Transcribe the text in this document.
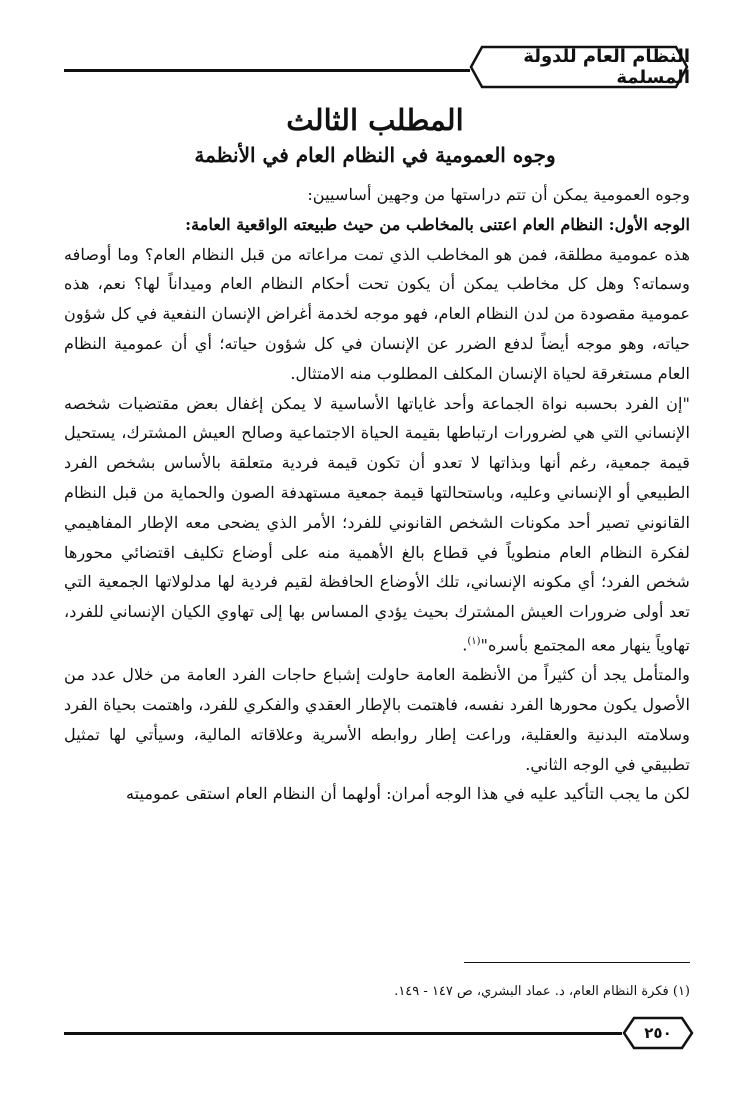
النظام العام للدولة المسلمة
المطلب الثالث
وجوه العمومية في النظام العام في الأنظمة

وجوه العمومية يمكن أن تتم دراستها من وجهين أساسيين:

الوجه الأول: النظام العام اعتنى بالمخاطب من حيث طبيعته الواقعية العامة:

هذه عمومية مطلقة، فمن هو المخاطب الذي تمت مراعاته من قبل النظام العام؟ وما أوصافه وسماته؟ وهل كل مخاطب يمكن أن يكون تحت أحكام النظام العام وميداناً لها؟ نعم، هذه عمومية مقصودة من لدن النظام العام، فهو موجه لخدمة أغراض الإنسان النفعية في كل شؤون حياته، وهو موجه أيضاً لدفع الضرر عن الإنسان في كل شؤون حياته؛ أي أن عمومية النظام العام مستغرقة لحياة الإنسان المكلف المطلوب منه الامتثال.

"إن الفرد بحسبه نواة الجماعة وأحد غاياتها الأساسية لا يمكن إغفال بعض مقتضيات شخصه الإنساني التي هي لضرورات ارتباطها بقيمة الحياة الاجتماعية وصالح العيش المشترك، يستحيل قيمة جمعية، رغم أنها وبذاتها لا تعدو أن تكون قيمة فردية متعلقة بالأساس بشخص الفرد الطبيعي أو الإنساني وعليه، وباستحالتها قيمة جمعية مستهدفة الصون والحماية من قبل النظام القانوني تصير أحد مكونات الشخص القانوني للفرد؛ الأمر الذي يضحى معه الإطار المفاهيمي لفكرة النظام العام منطوياً في قطاع بالغ الأهمية منه على أوضاع تكليف اقتضائي محورها شخص الفرد؛ أي مكونه الإنساني، تلك الأوضاع الحافظة لقيم فردية لها مدلولاتها الجمعية التي تعد أولى ضرورات العيش المشترك بحيث يؤدي المساس بها إلى تهاوي الكيان الإنساني للفرد، تهاوياً ينهار معه المجتمع بأسره"$^{(١)}$.

والمتأمل يجد أن كثيراً من الأنظمة العامة حاولت إشباع حاجات الفرد العامة من خلال عدد من الأصول يكون محورها الفرد نفسه، فاهتمت بالإطار العقدي والفكري للفرد، واهتمت بحياة الفرد وسلامته البدنية والعقلية، وراعت إطار روابطه الأسرية وعلاقاته المالية، وسيأتي لها تمثيل تطبيقي في الوجه الثاني.

لكن ما يجب التأكيد عليه في هذا الوجه أمران: أولهما أن النظام العام استقى عموميته

(١) فكرة النظام العام، د. عماد البشري، ص ١٤٧ - ١٤٩.
٢٥٠
